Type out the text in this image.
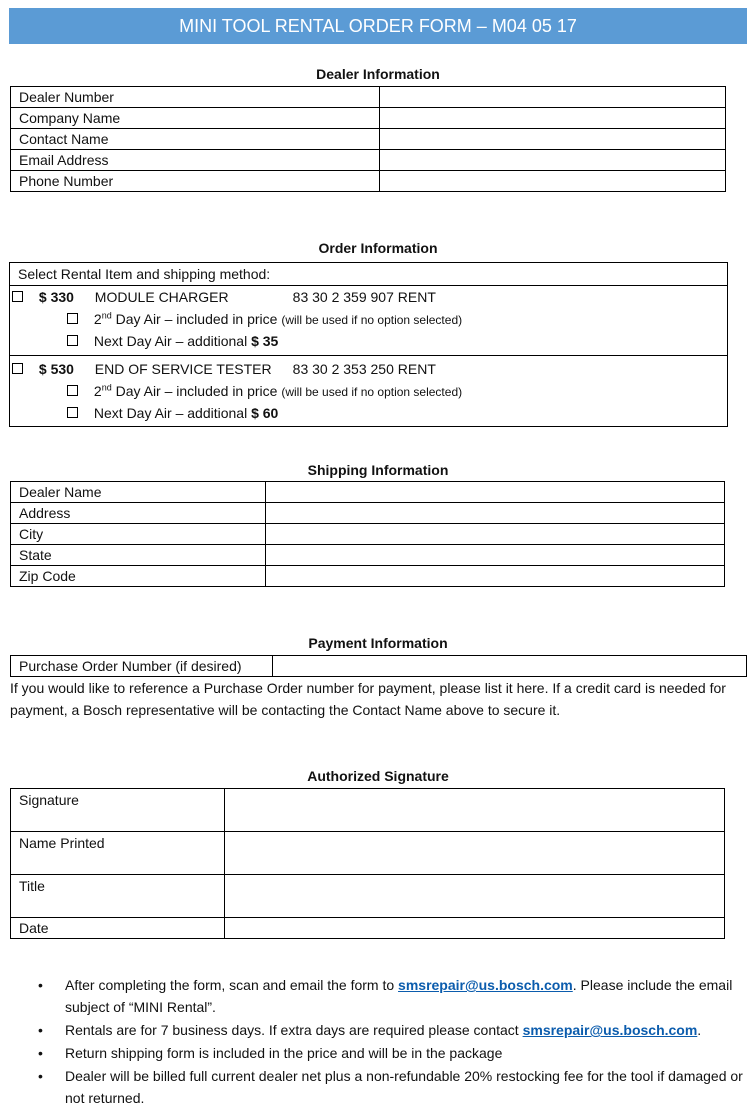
MINI TOOL RENTAL ORDER FORM – M04 05 17
Dealer Information
Dealer Number	
Company Name	
Contact Name	
Email Address	
Phone Number	
Order Information
Select Rental Item and shipping method:
$ 330 MODULE CHARGER	83 30 2 359 907 RENT
2nd Day Air – included in price (will be used if no option selected)
Next Day Air – additional $ 35
$ 530 END OF SERVICE TESTER 83 30 2 353 250 RENT
2nd Day Air – included in price (will be used if no option selected)
Next Day Air – additional $ 60
Shipping Information
Dealer Name	
Address	
City	
State	
Zip Code	
Payment Information
Purchase Order Number (if desired)	
If you would like to reference a Purchase Order number for payment, please list it here. If a credit card is needed for payment, a Bosch representative will be contacting the Contact Name above to secure it.
Authorized Signature
Signature	
Name Printed	
Title	
Date	
• After completing the form, scan and email the form to smsrepair@us.bosch.com. Please include the email subject of “MINI Rental”.
• Rentals are for 7 business days. If extra days are required please contact smsrepair@us.bosch.com.
• Return shipping form is included in the price and will be in the package
• Dealer will be billed full current dealer net plus a non-refundable 20% restocking fee for the tool if damaged or not returned.
